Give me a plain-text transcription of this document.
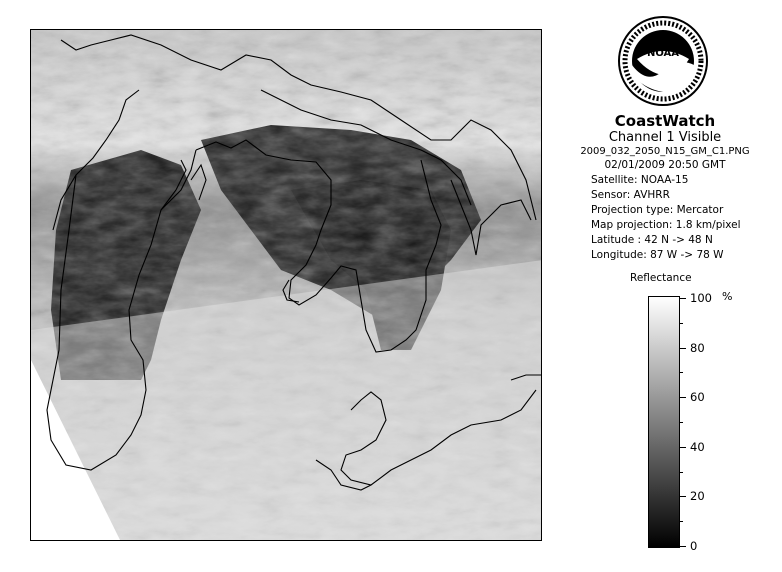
NOAA
CoastWatch
Channel 1 Visible
2009_032_2050_N15_GM_C1.PNG
02/01/2009 20:50 GMT
Satellite: NOAA-15
Sensor: AVHRR
Projection type: Mercator
Map projection: 1.8 km/pixel
Latitude : 42 N -> 48 N
Longitude: 87 W -> 78 W
Reflectance
%
100
80
60
40
20
0
